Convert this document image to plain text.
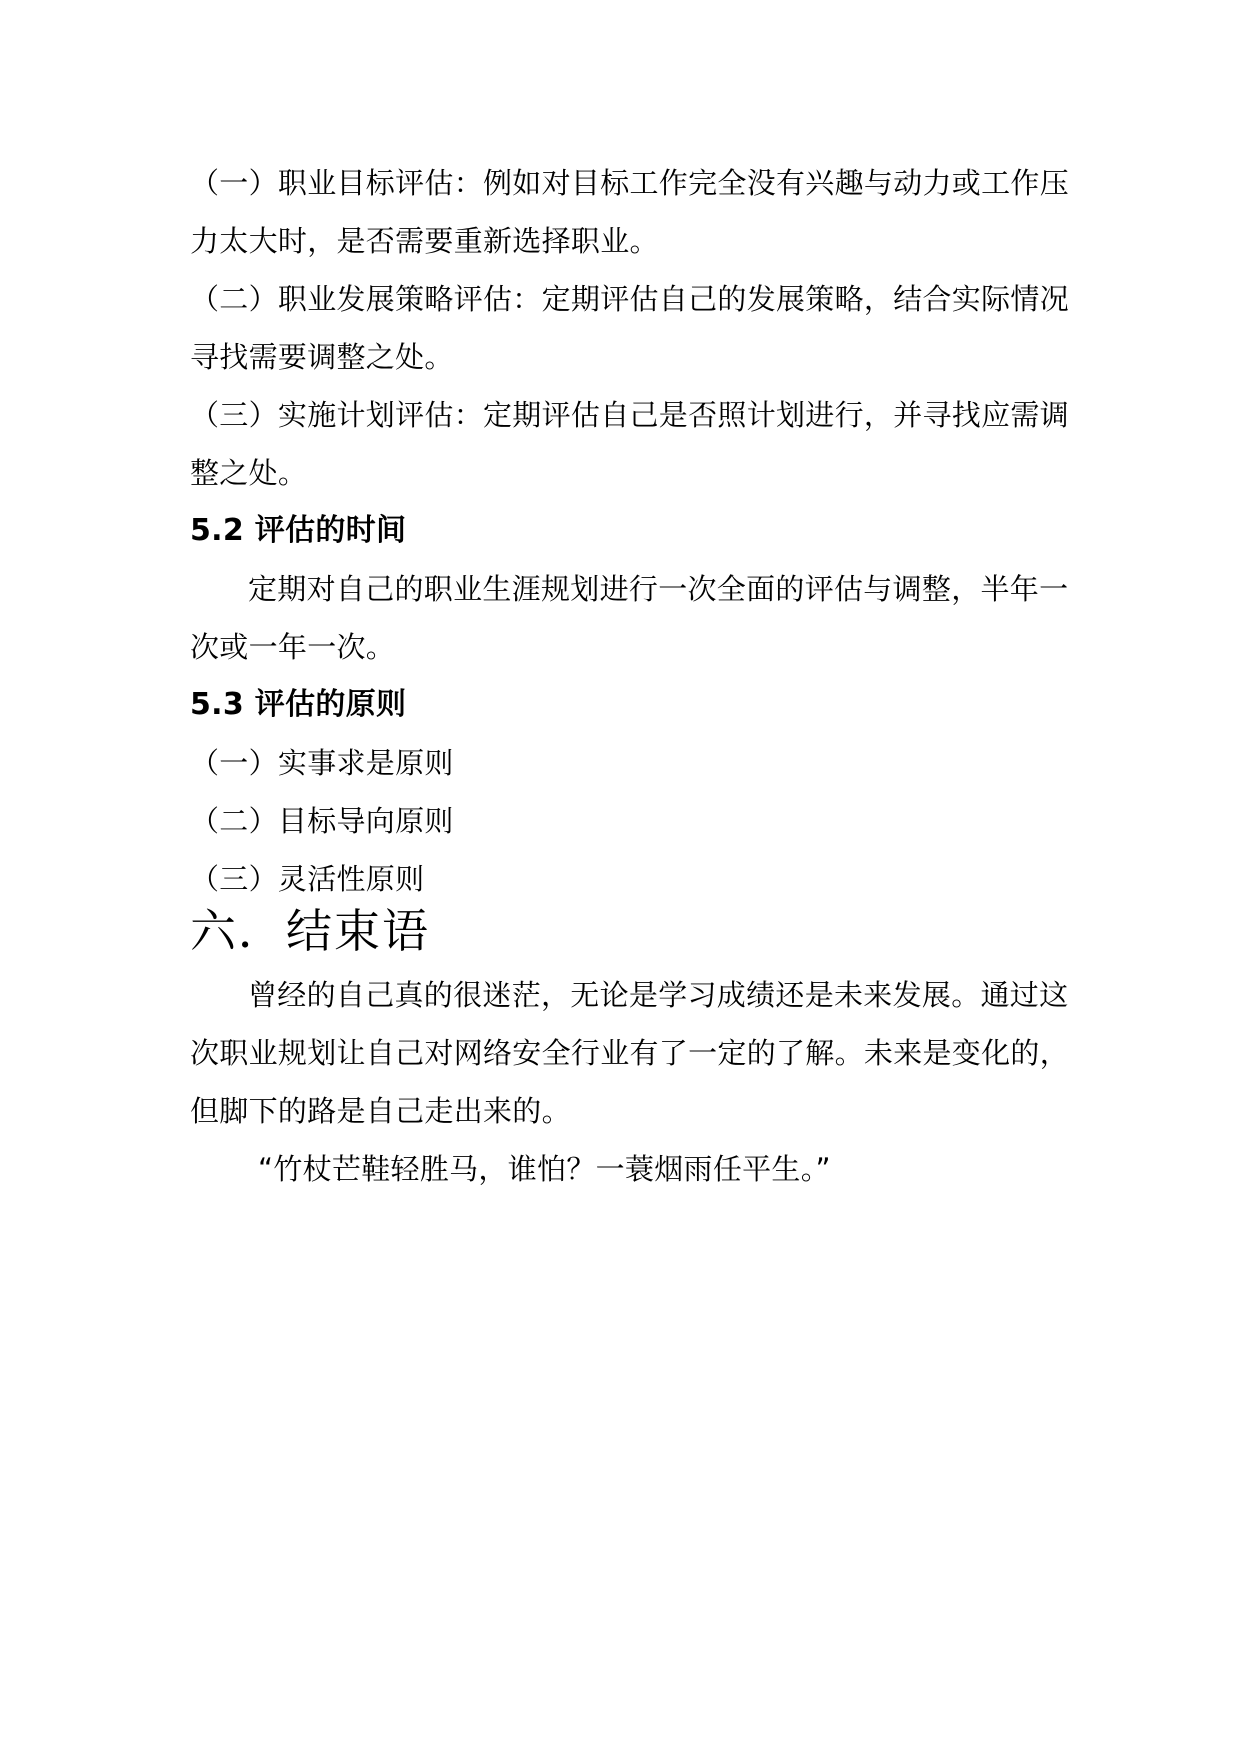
（一）职业目标评估：例如对目标工作完全没有兴趣与动力或工作压
力太大时，是否需要重新选择职业。
（二）职业发展策略评估：定期评估自己的发展策略，结合实际情况
寻找需要调整之处。
（三）实施计划评估：定期评估自己是否照计划进行，并寻找应需调
整之处。
5.2 评估的时间
定期对自己的职业生涯规划进行一次全面的评估与调整，半年一
次或一年一次。
5.3 评估的原则
（一）实事求是原则
（二）目标导向原则
（三）灵活性原则
六．结束语
曾经的自己真的很迷茫，无论是学习成绩还是未来发展。通过这
次职业规划让自己对网络安全行业有了一定的了解。未来是变化的，
但脚下的路是自己走出来的。
“竹杖芒鞋轻胜马，谁怕？一蓑烟雨任平生。”
